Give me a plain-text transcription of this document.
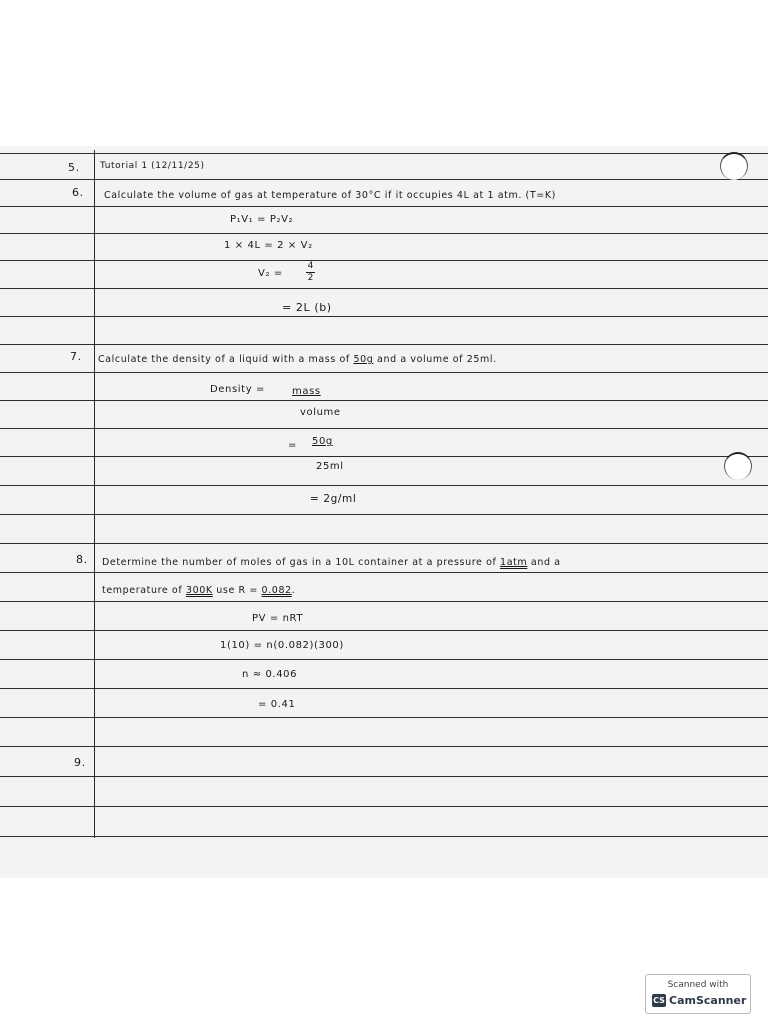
5. Tutorial 1 (12/11/25)
6. Calculate the volume of gas at temperature of 30°C if it occupies 4L at 1 atm. (T=K)
P₁V₁ = P₂V₂
1 × 4L = 2 × V₂
V₂ =
4
2
= 2L (b)
7. Calculate the density of a liquid with a mass of 50g and a volume of 25ml.
Density =	mass
volume
= 50g
25ml
= 2g/ml
8. Determine the number of moles of gas in a 10L container at a pressure of 1atm and a
temperature of 300K use R = 0.082.
PV = nRT
1(10) = n(0.082)(300)
n ≈ 0.406
= 0.41
9.
Scanned with
CS CamScanner
